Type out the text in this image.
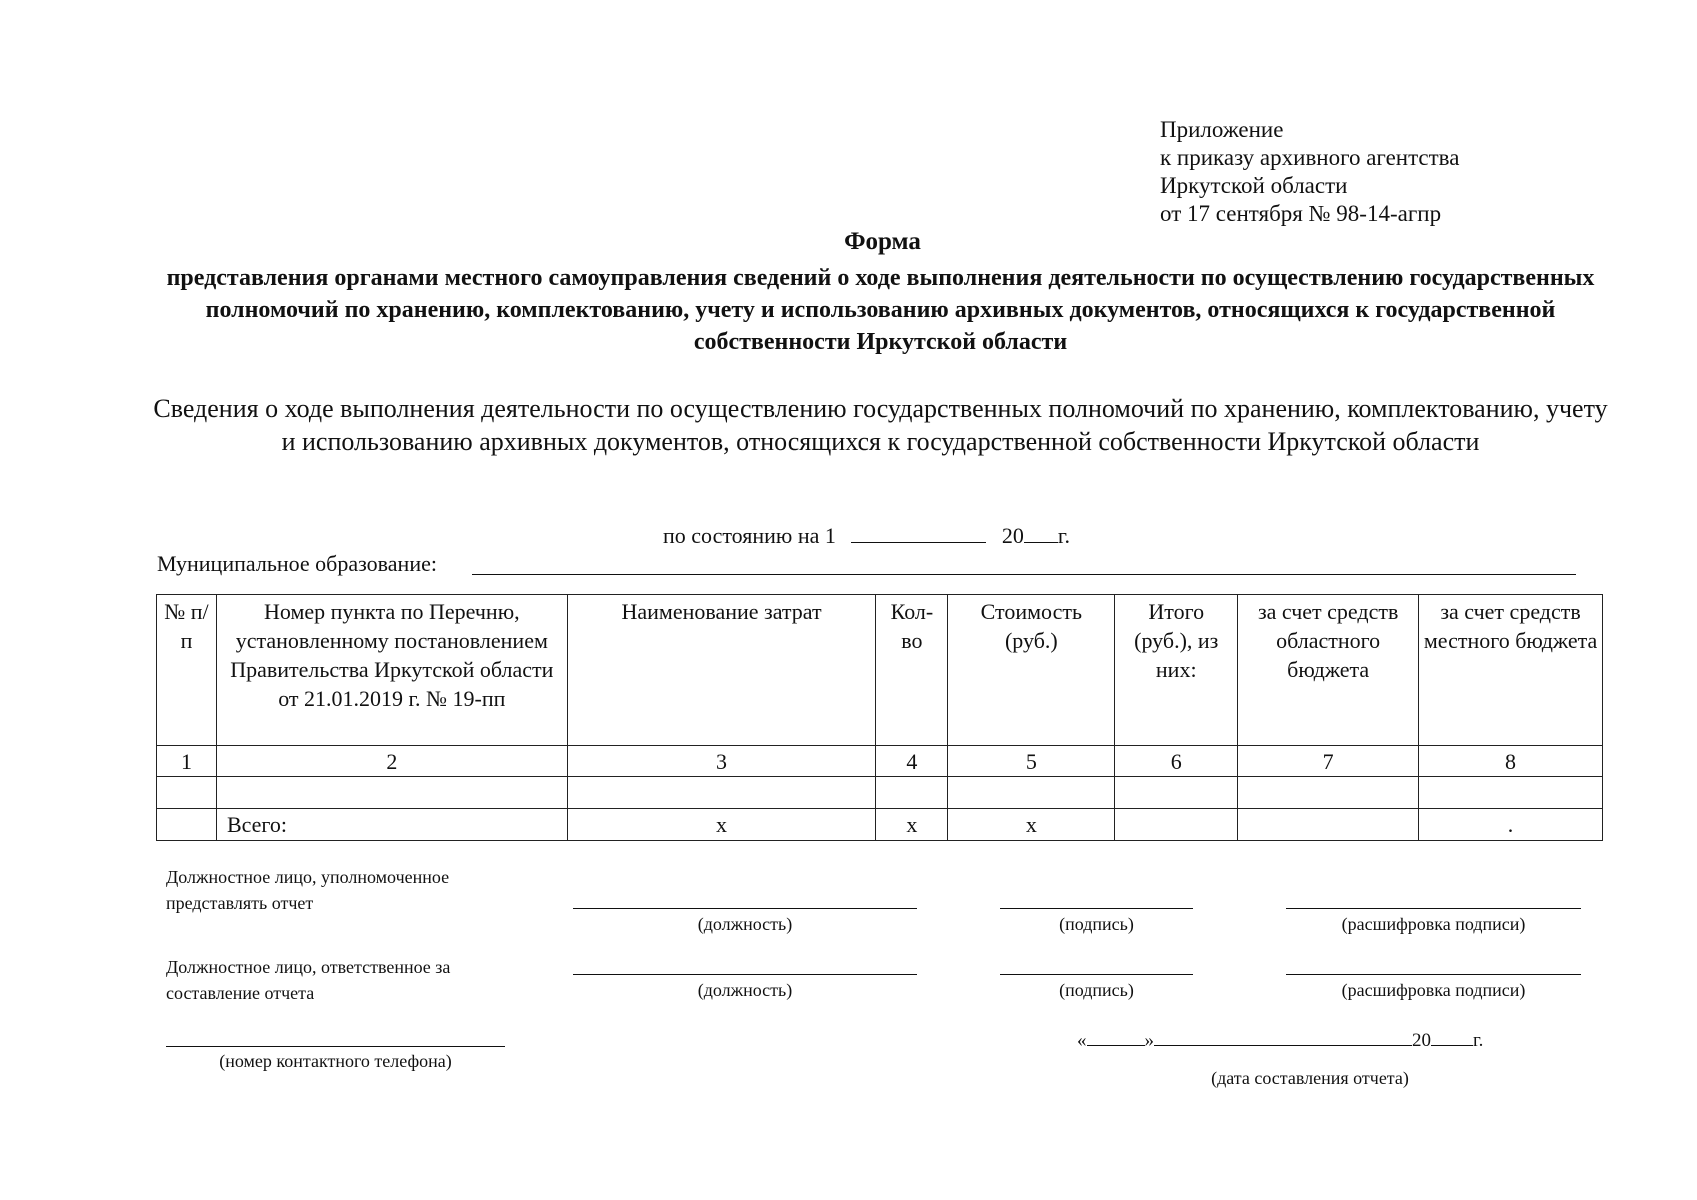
Приложение
к приказу архивного агентства
Иркутской области
от 17 сентября № 98-14-агпр
Форма
представления органами местного самоуправления сведений о ходе выполнения деятельности по осуществлению государственных полномочий по хранению, комплектованию, учету и использованию архивных документов, относящихся к государственной собственности Иркутской области
Сведения о ходе выполнения деятельности по осуществлению государственных полномочий по хранению, комплектованию, учету и использованию архивных документов, относящихся к государственной собственности Иркутской области
по состоянию на 1	20 г.
Муниципальное образование:
№ п/п	Номер пункта по Перечню, установленному постановлением Правительства Иркутской области от 21.01.2019 г. № 19-пп	Наименование затрат	Кол-во	Стоимость (руб.)	Итого (руб.), из них:	за счет средств областного бюджета	за счет средств местного бюджета
1	2	3	4	5	6	7	8

	Всего:	х	х	х			.
Должностное лицо, уполномоченное представлять отчет
(должность)	(подпись)	(расшифровка подписи)
Должностное лицо, ответственное за составление отчета	(должность)	(подпись)	(расшифровка подписи)
(номер контактного телефона)
«	»	20 г.
(дата составления отчета)
